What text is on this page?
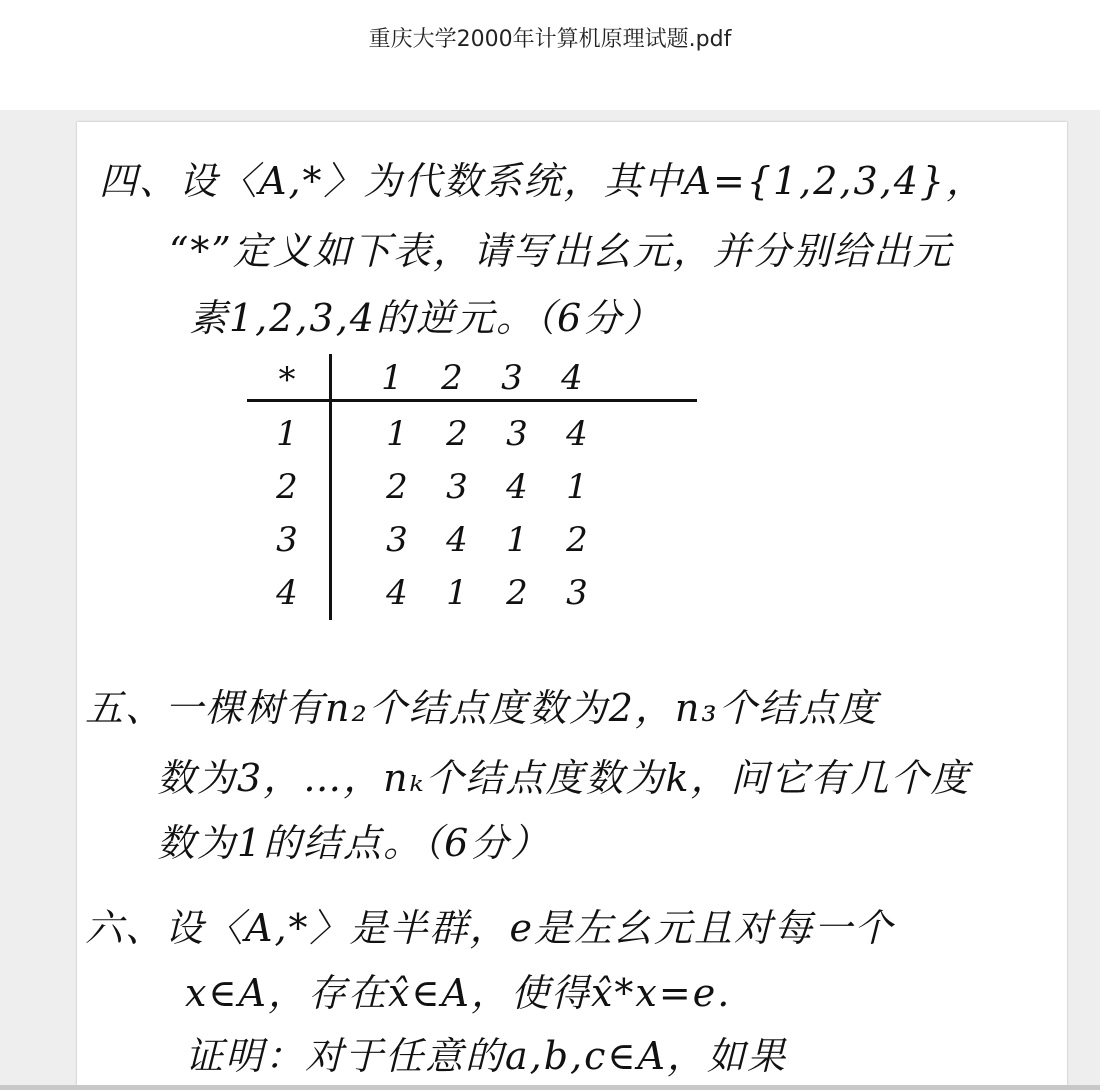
重庆大学2000年计算机原理试题.pdf
四、设〈A,*〉为代数系统，其中A={1,2,3,4}，
“*”定义如下表，请写出幺元，并分别给出元
素1,2,3,4的逆元。（6分）
*	1	2	3	4
1	1	2	3	4
2	2	3	4	1
3	3	4	1	2
4	4	1	2	3
五、一棵树有n₂个结点度数为2，n₃个结点度
数为3，…，nₖ个结点度数为k，问它有几个度
数为1的结点。（6分）
六、设〈A,*〉是半群，e是左幺元且对每一个
x∈A，存在x̂∈A，使得x̂*x=e.
证明：对于任意的a,b,c∈A，如果
